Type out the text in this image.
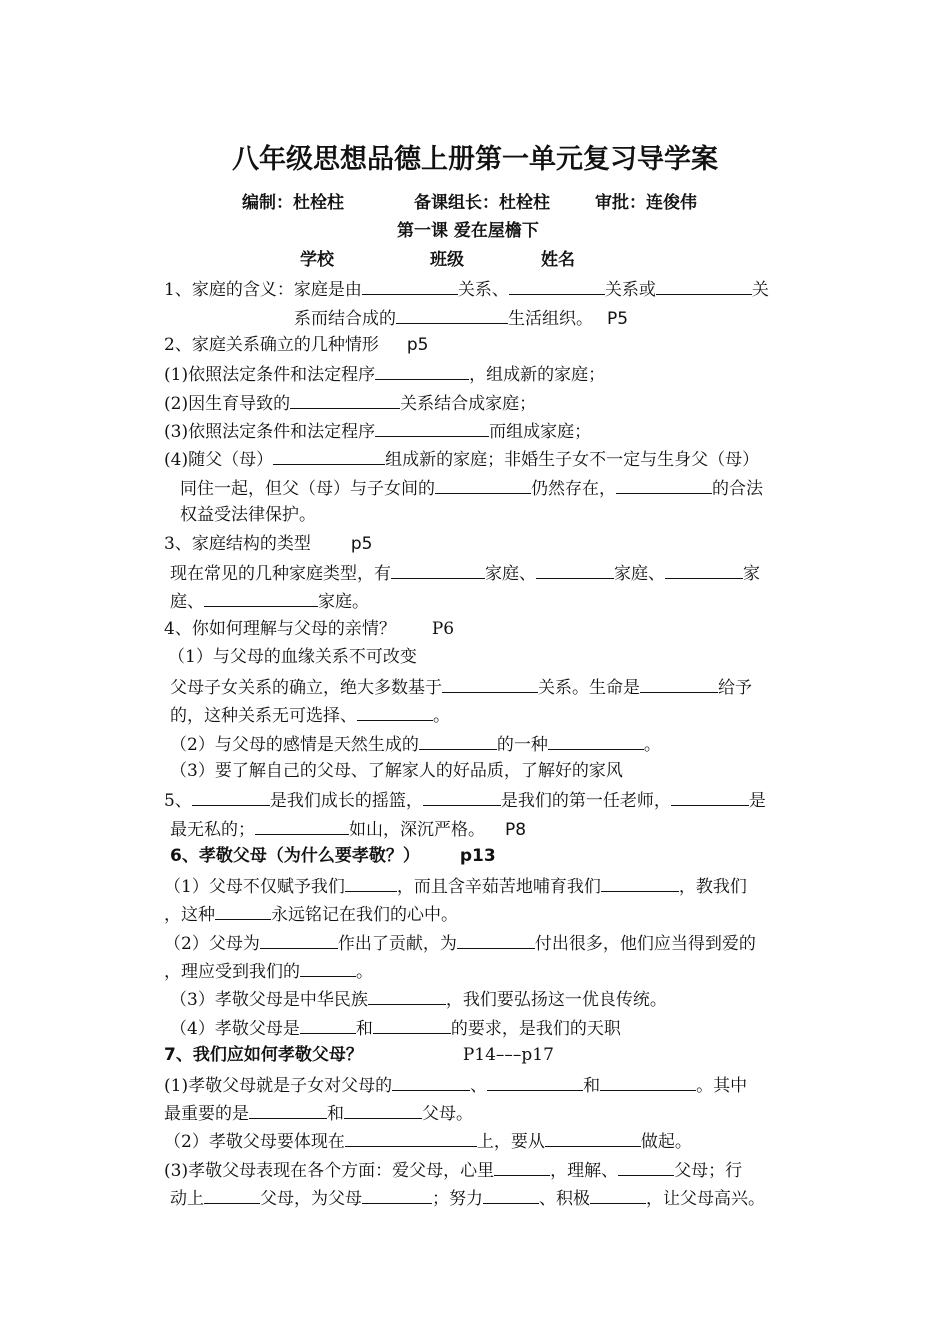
八年级思想品德上册第一单元复习导学案
编制：杜栓柱	备课组长：杜栓柱	审批：连俊伟
第一课 爱在屋檐下
学校	班级	姓名
1、家庭的含义：家庭是由	关系、	关系或	关
系而结合成的	生活组织。 P5
2、家庭关系确立的几种情形 p5
(1)依照法定条件和法定程序	，组成新的家庭；
(2)因生育导致的	关系结合成家庭；
(3)依照法定条件和法定程序	而组成家庭；
(4)随父（母）	组成新的家庭；非婚生子女不一定与生身父（母）
同住一起，但父（母）与子女间的	仍然存在，	的合法
权益受法律保护。
3、家庭结构的类型 p5
现在常见的几种家庭类型，有	家庭、	家庭、	家
庭、	家庭。
4、你如何理解与父母的亲情？ P6
（1）与父母的血缘关系不可改变
父母子女关系的确立，绝大多数基于	关系。生命是	给予
的，这种关系无可选择、	。
（2）与父母的感情是天然生成的	的一种	。
（3）要了解自己的父母、了解家人的好品质，了解好的家风
5、	是我们成长的摇篮，	是我们的第一任老师，	是
最无私的；	如山，深沉严格。 P8
6、孝敬父母（为什么要孝敬？） p13
（1）父母不仅赋予我们	，而且含辛茹苦地哺育我们	，教我们
，这种	永远铭记在我们的心中。
（2）父母为	作出了贡献，为	付出很多，他们应当得到爱的
，理应受到我们的	。
（3）孝敬父母是中华民族	，我们要弘扬这一优良传统。
（4）孝敬父母是	和	的要求，是我们的天职
7、我们应如何孝敬父母？	P14–––p17
(1)孝敬父母就是子女对父母的	、	和	。其中
最重要的是	和	父母。
（2）孝敬父母要体现在	上，要从	做起。
(3)孝敬父母表现在各个方面：爱父母，心里	，理解、	父母；行
动上	父母，为父母	；努力	、积极	，让父母高兴。
